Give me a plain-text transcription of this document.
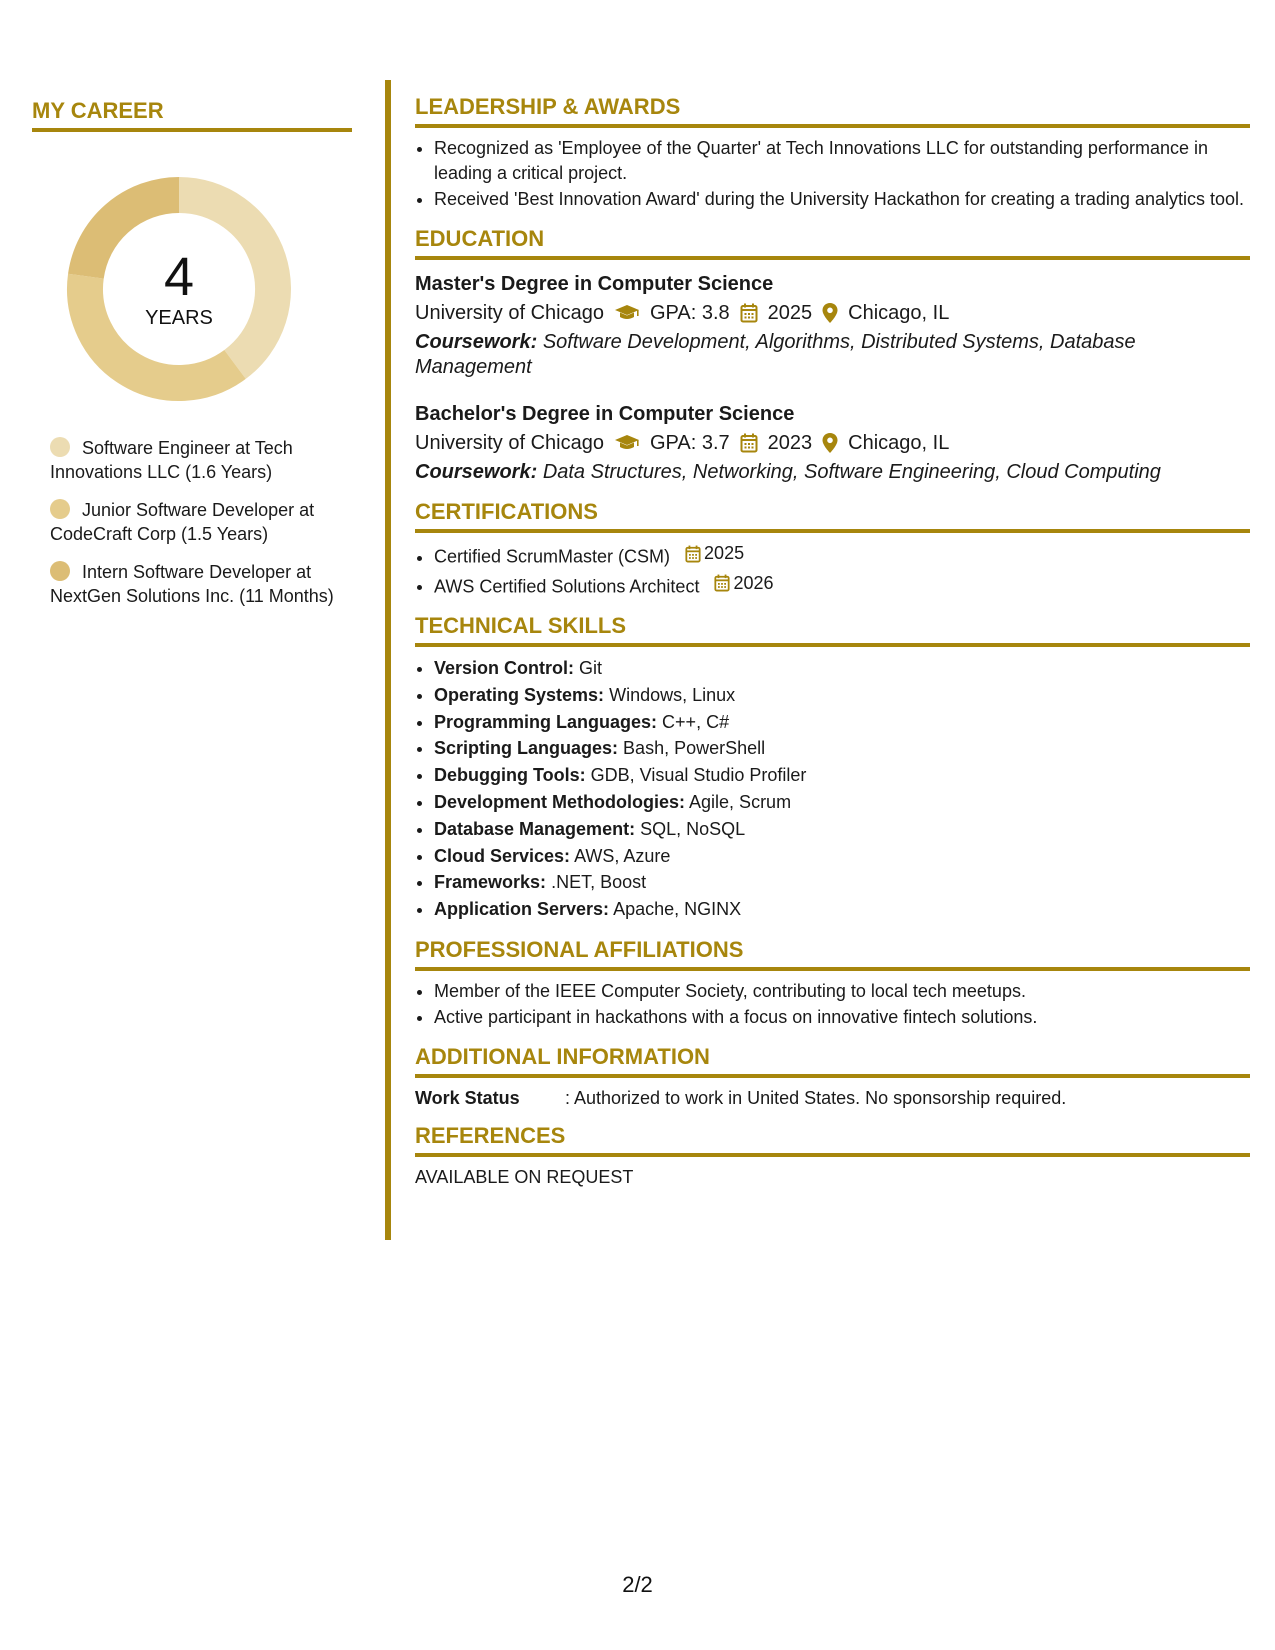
MY CAREER
4
YEARS
Software Engineer at Tech Innovations LLC (1.6 Years)
Junior Software Developer at CodeCraft Corp (1.5 Years)
Intern Software Developer at NextGen Solutions Inc. (11 Months)
LEADERSHIP & AWARDS
• Recognized as 'Employee of the Quarter' at Tech Innovations LLC for outstanding performance in leading a critical project.
• Received 'Best Innovation Award' during the University Hackathon for creating a trading analytics tool.
EDUCATION
Master's Degree in Computer Science
University of Chicago GPA: 3.8 2025 Chicago, IL
Coursework: Software Development, Algorithms, Distributed Systems, Database Management
Bachelor's Degree in Computer Science
University of Chicago GPA: 3.7 2023 Chicago, IL
Coursework: Data Structures, Networking, Software Engineering, Cloud Computing
CERTIFICATIONS
• Certified ScrumMaster (CSM) 2025
• AWS Certified Solutions Architect 2026
TECHNICAL SKILLS
• Version Control: Git
• Operating Systems: Windows, Linux
• Programming Languages: C++, C#
• Scripting Languages: Bash, PowerShell
• Debugging Tools: GDB, Visual Studio Profiler
• Development Methodologies: Agile, Scrum
• Database Management: SQL, NoSQL
• Cloud Services: AWS, Azure
• Frameworks: .NET, Boost
• Application Servers: Apache, NGINX
PROFESSIONAL AFFILIATIONS
• Member of the IEEE Computer Society, contributing to local tech meetups.
• Active participant in hackathons with a focus on innovative fintech solutions.
ADDITIONAL INFORMATION
Work Status	: Authorized to work in United States. No sponsorship required.
REFERENCES
AVAILABLE ON REQUEST
2/2
